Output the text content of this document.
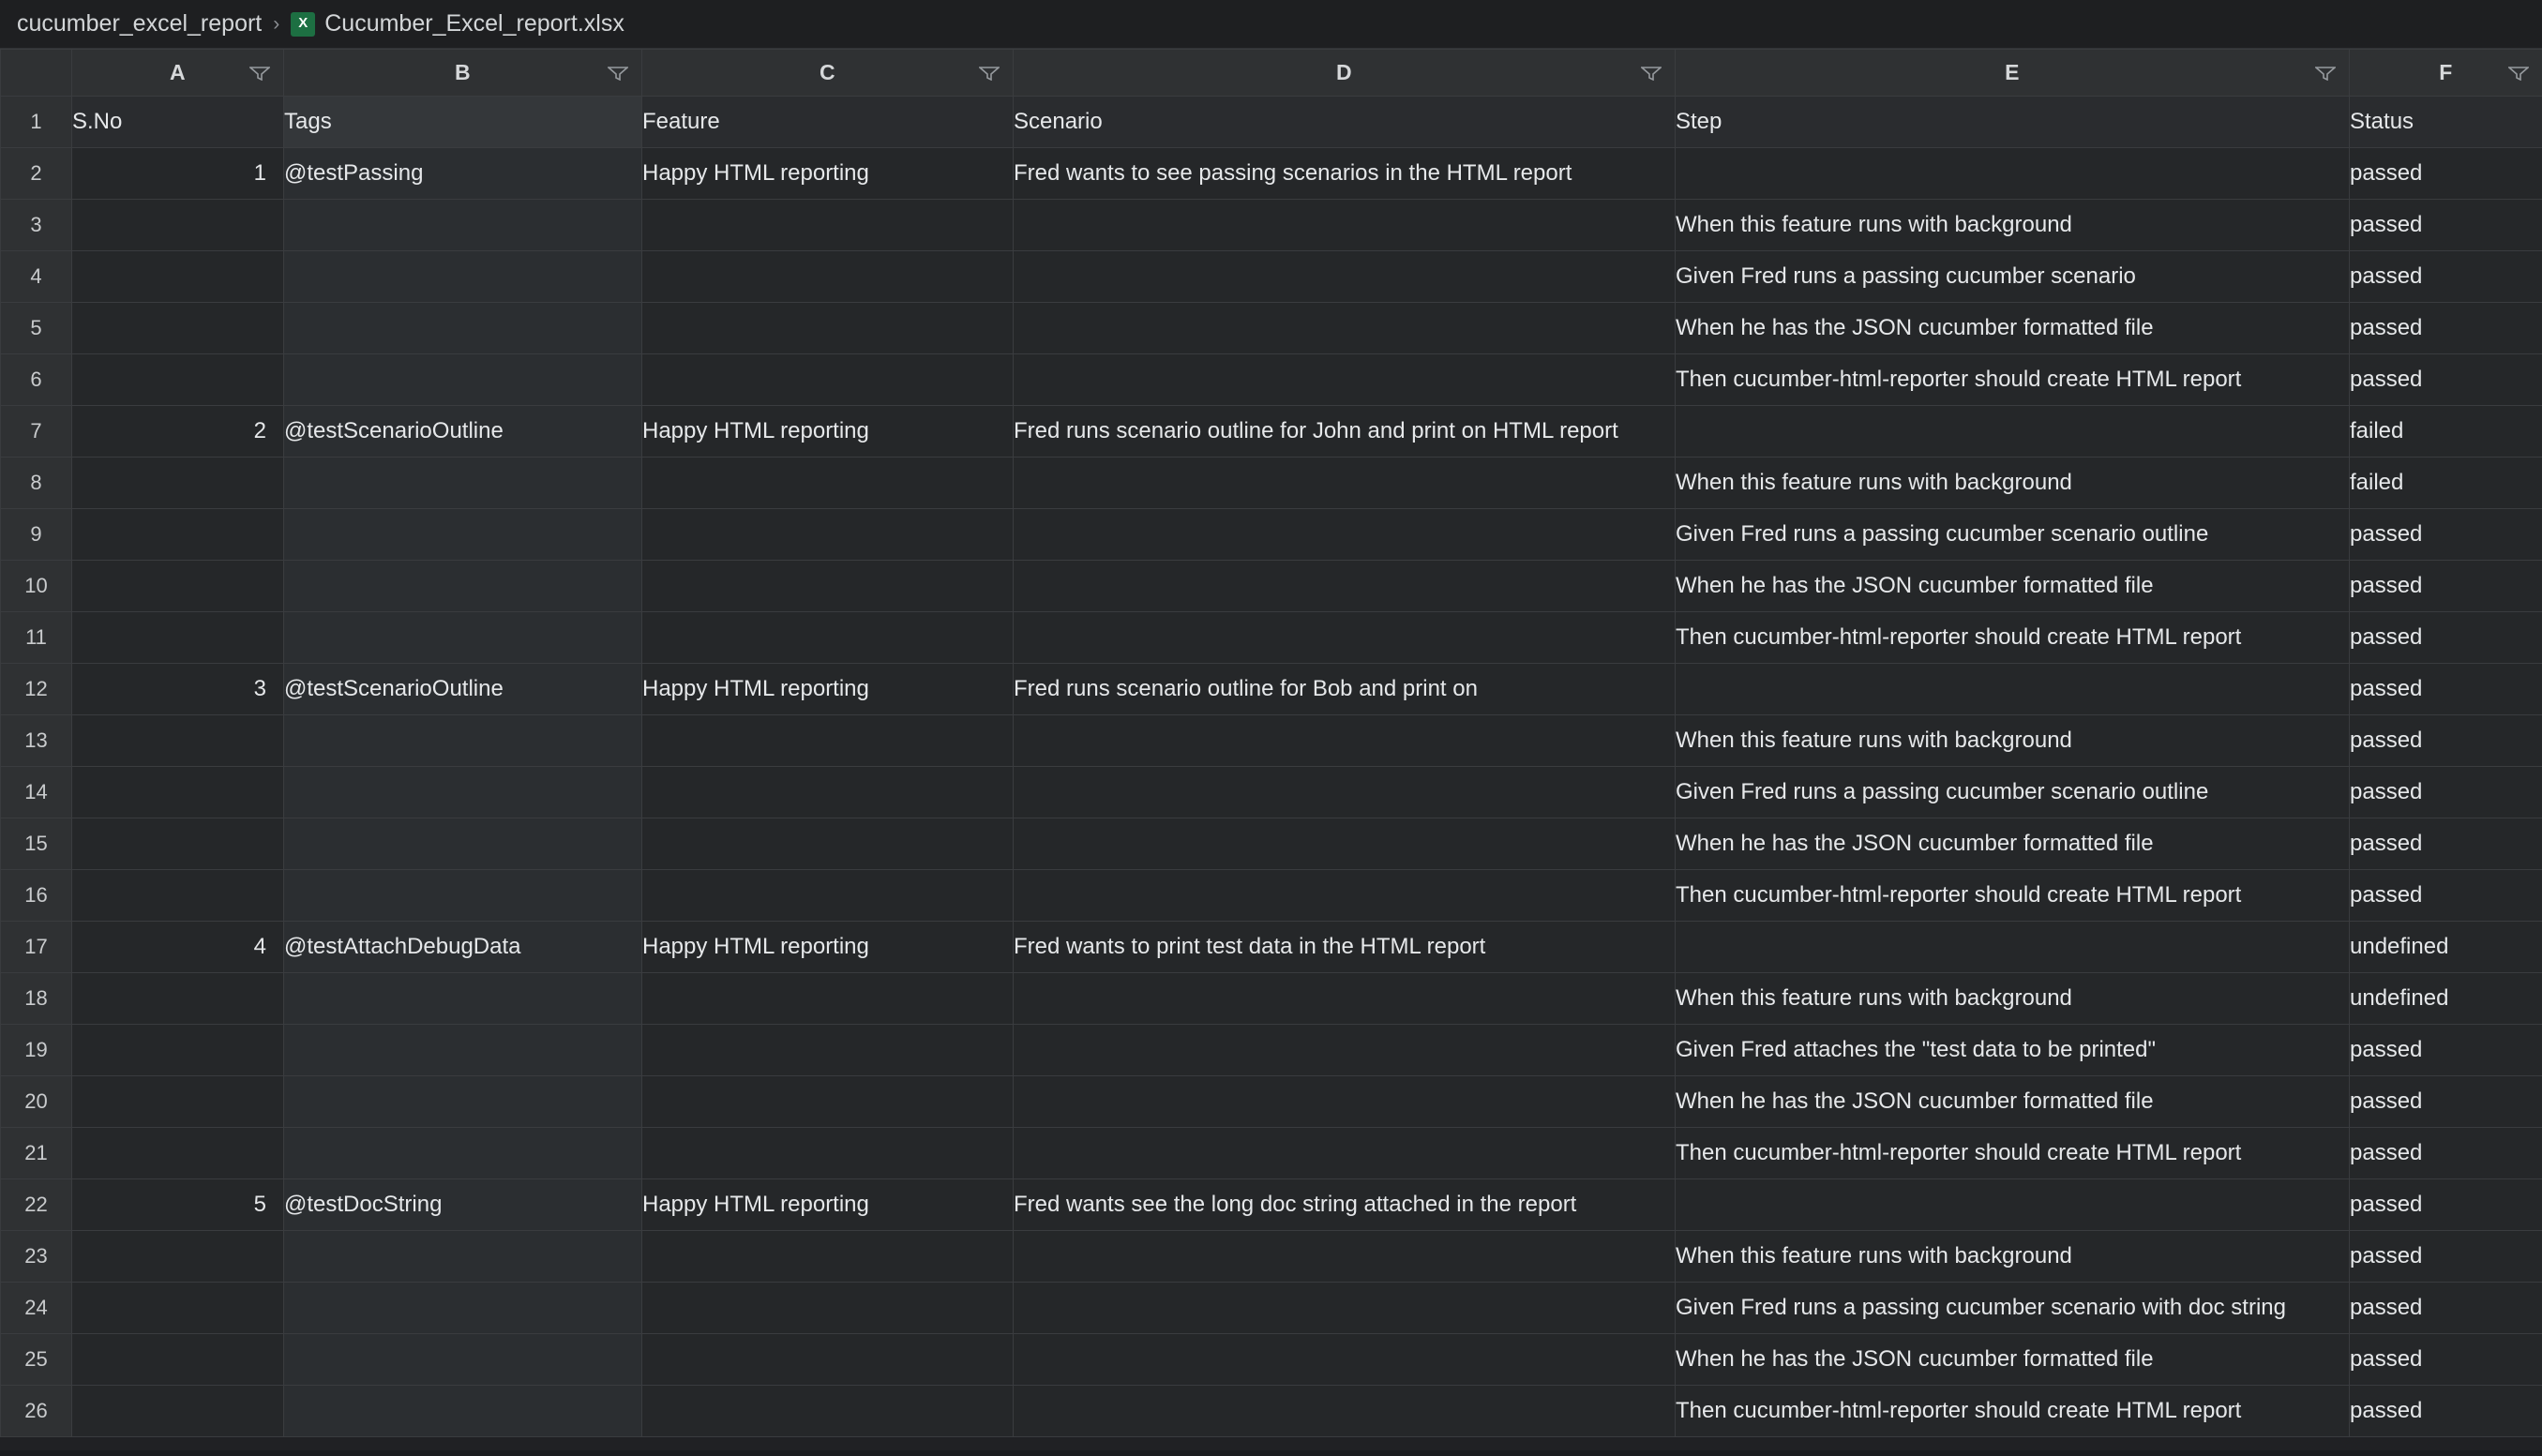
cucumber_excel_report › X Cucumber_Excel_report.xlsx

	A	B	C	D	E	F

1	S.No	Tags	Feature	Scenario	Step	Status

2	1	@testPassing	Happy HTML reporting	Fred wants to see passing scenarios in the HTML report		passed

3					When this feature runs with background	passed

4					Given Fred runs a passing cucumber scenario	passed

5					When he has the JSON cucumber formatted file	passed

6					Then cucumber-html-reporter should create HTML report	passed

7	2	@testScenarioOutline	Happy HTML reporting	Fred runs scenario outline for John and print on HTML report		failed

8					When this feature runs with background	failed

9					Given Fred runs a passing cucumber scenario outline	passed

10					When he has the JSON cucumber formatted file	passed

11					Then cucumber-html-reporter should create HTML report	passed

12	3	@testScenarioOutline	Happy HTML reporting	Fred runs scenario outline for Bob and print on		passed

13					When this feature runs with background	passed

14					Given Fred runs a passing cucumber scenario outline	passed

15					When he has the JSON cucumber formatted file	passed

16					Then cucumber-html-reporter should create HTML report	passed

17	4	@testAttachDebugData	Happy HTML reporting	Fred wants to print test data in the HTML report		undefined

18					When this feature runs with background	undefined

19					Given Fred attaches the "test data to be printed"	passed

20					When he has the JSON cucumber formatted file	passed

21					Then cucumber-html-reporter should create HTML report	passed

22	5	@testDocString	Happy HTML reporting	Fred wants see the long doc string attached in the report		passed

23					When this feature runs with background	passed

24					Given Fred runs a passing cucumber scenario with doc string	passed

25					When he has the JSON cucumber formatted file	passed

26					Then cucumber-html-reporter should create HTML report	passed
